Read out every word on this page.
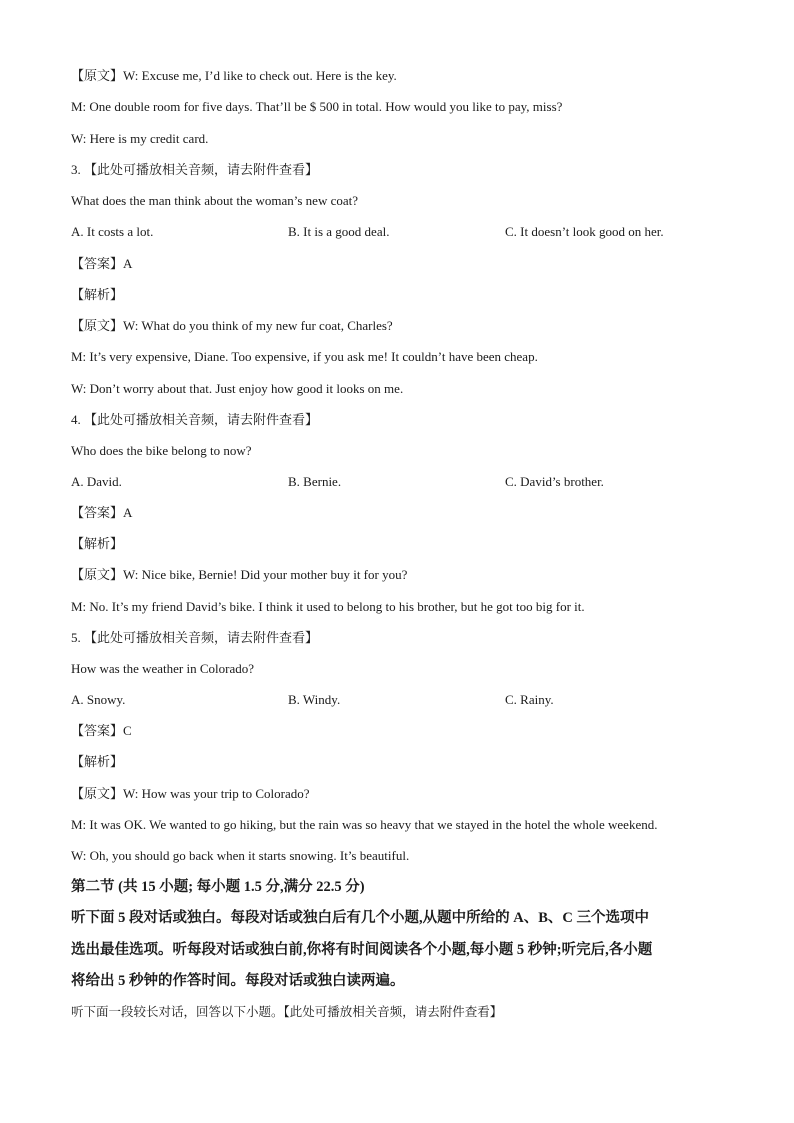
【原文】W: Excuse me, I’d like to check out. Here is the key.
M: One double room for five days. That’ll be $ 500 in total. How would you like to pay, miss?
W: Here is my credit card.
3. 【此处可播放相关音频，请去附件查看】
What does the man think about the woman’s new coat?
A. It costs a lot.	B. It is a good deal.	C. It doesn’t look good on her.
【答案】A
【解析】
【原文】W: What do you think of my new fur coat, Charles?
M: It’s very expensive, Diane. Too expensive, if you ask me! It couldn’t have been cheap.
W: Don’t worry about that. Just enjoy how good it looks on me.
4. 【此处可播放相关音频，请去附件查看】
Who does the bike belong to now?
A. David.	B. Bernie.	C. David’s brother.
【答案】A
【解析】
【原文】W: Nice bike, Bernie! Did your mother buy it for you?
M: No. It’s my friend David’s bike. I think it used to belong to his brother, but he got too big for it.
5. 【此处可播放相关音频，请去附件查看】
How was the weather in Colorado?
A. Snowy.	B. Windy.	C. Rainy.
【答案】C
【解析】
【原文】W: How was your trip to Colorado?
M: It was OK. We wanted to go hiking, but the rain was so heavy that we stayed in the hotel the whole weekend.
W: Oh, you should go back when it starts snowing. It’s beautiful.
第二节 (共 15 小题; 每小题 1.5 分,满分 22.5 分)
听下面 5 段对话或独白。每段对话或独白后有几个小题,从题中所给的 A、B、C 三个选项中
选出最佳选项。听每段对话或独白前,你将有时间阅读各个小题,每小题 5 秒钟;听完后,各小题
将给出 5 秒钟的作答时间。每段对话或独白读两遍。
听下面一段较长对话，回答以下小题。【此处可播放相关音频，请去附件查看】
